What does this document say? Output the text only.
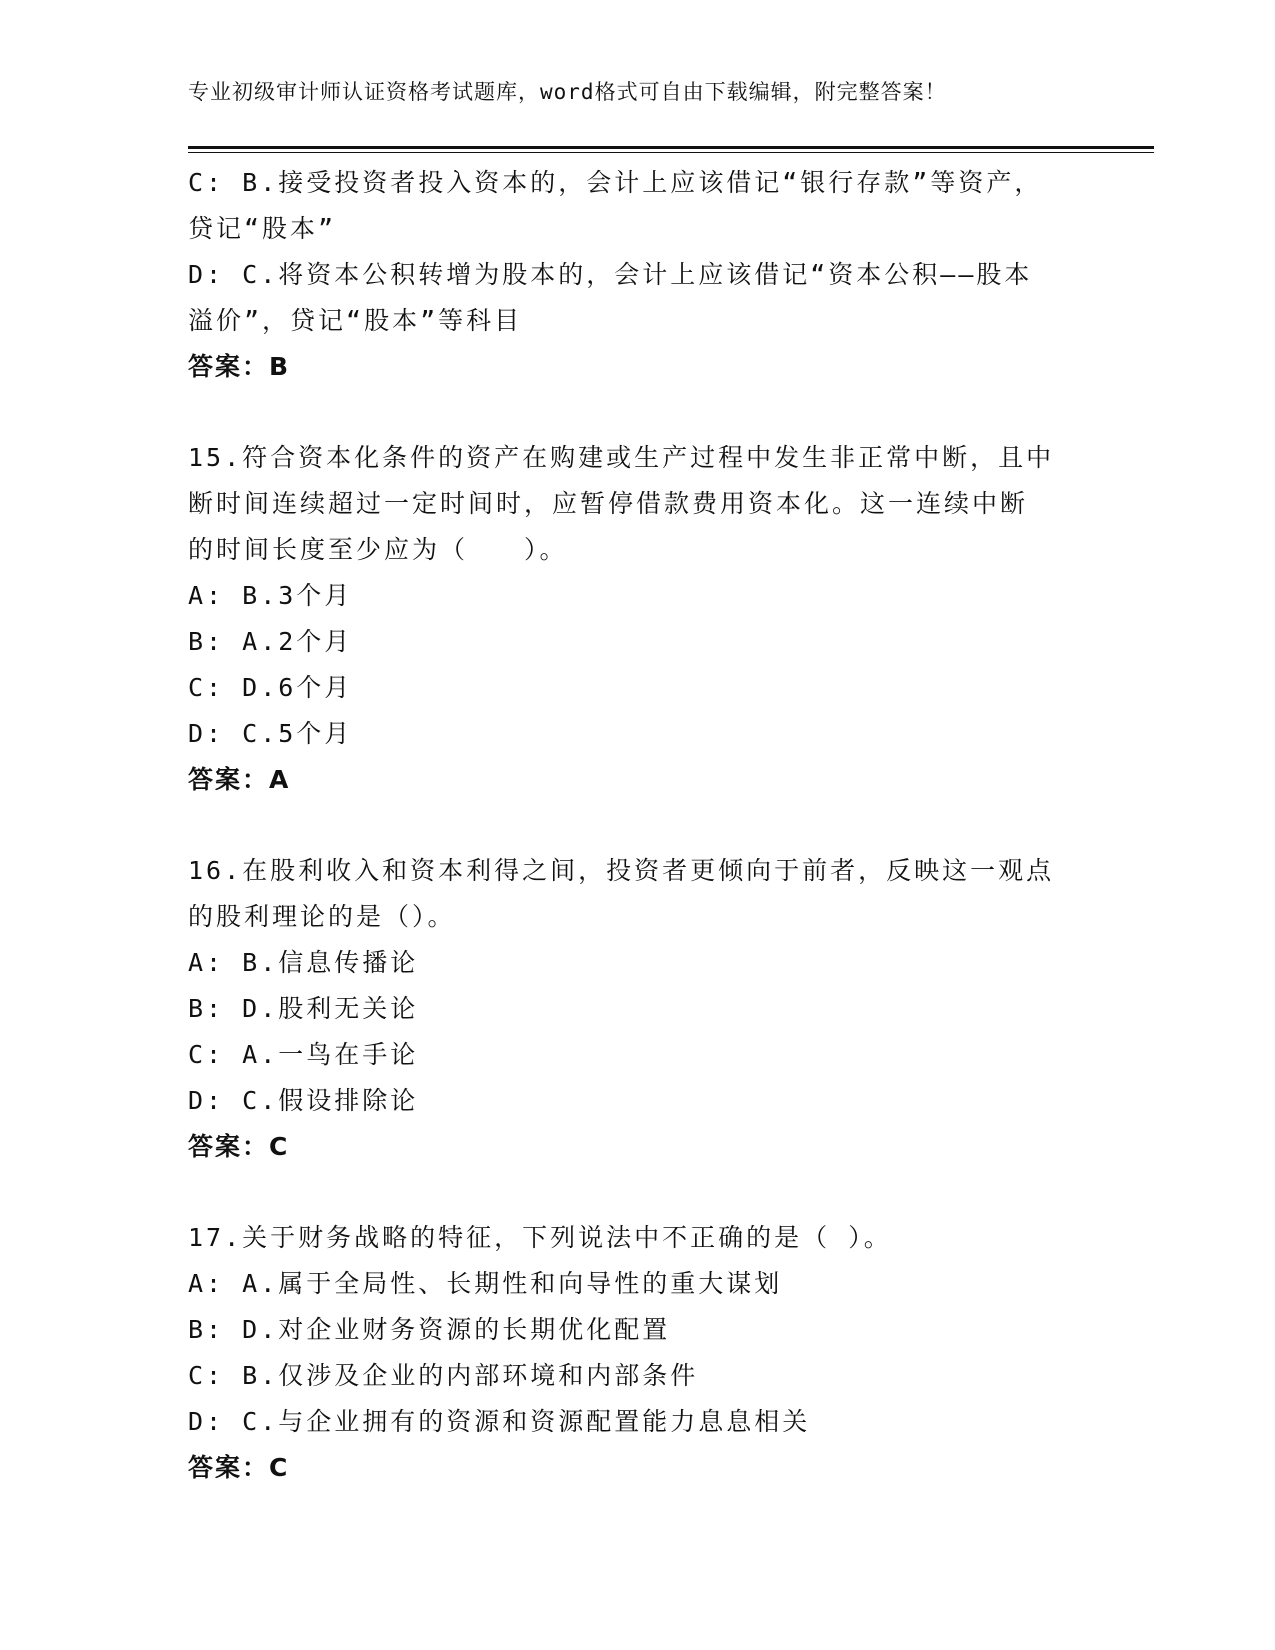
专业初级审计师认证资格考试题库，word格式可自由下载编辑，附完整答案！
C: B.接受投资者投入资本的，会计上应该借记“银行存款”等资产，
贷记“股本”
D: C.将资本公积转增为股本的，会计上应该借记“资本公积——股本
溢价”，贷记“股本”等科目
答案：B
15.符合资本化条件的资产在购建或生产过程中发生非正常中断，且中
断时间连续超过一定时间时，应暂停借款费用资本化。这一连续中断
的时间长度至少应为（　　）。
A: B.3个月
B: A.2个月
C: D.6个月
D: C.5个月
答案：A
16.在股利收入和资本利得之间，投资者更倾向于前者，反映这一观点
的股利理论的是（）。
A: B.信息传播论
B: D.股利无关论
C: A.一鸟在手论
D: C.假设排除论
答案：C
17.关于财务战略的特征，下列说法中不正确的是（ ）。
A: A.属于全局性、长期性和向导性的重大谋划
B: D.对企业财务资源的长期优化配置
C: B.仅涉及企业的内部环境和内部条件
D: C.与企业拥有的资源和资源配置能力息息相关
答案：C
